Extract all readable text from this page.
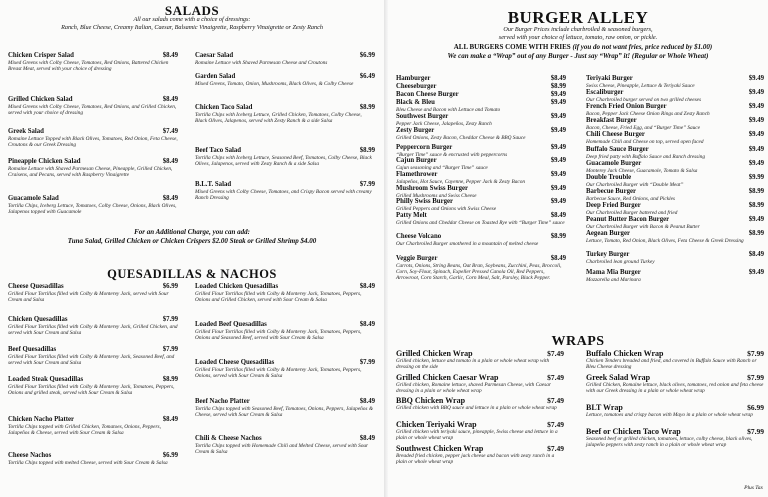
SALADS
All our salads come with a choice of dressings:
Ranch, Blue Cheese, Creamy Italian, Caesar, Balsamic Vinaigrette, Raspberry Vinaigrette or Zesty Ranch
Chicken Crisper Salad	$8.49
Mixed Greens with Colby Cheese, Tomatoes, Red Onions, Battered Chicken Breast Meat, served with your choice of dressing
Grilled Chicken Salad	$8.49
Mixed Greens with Colby Cheese, Tomatoes, Red Onions, and Grilled Chicken, served with your choice of dressing
Greek Salad	$7.49
Romaine Lettuce Topped with Black Olives, Tomatoes, Red Onion, Feta Cheese, Croutons & our Greek Dressing
Pineapple Chicken Salad	$8.49
Romaine Lettuce with Shaved Parmesan Cheese, Pineapple, Grilled Chicken, Craisens, and Pecans, served with Raspberry Vinaigrette
Guacamole Salad	$8.49
Tortilla Chips, Iceberg Lettuce, Tomatoes, Colby Cheese, Onions, Black Olives, Jalapenos topped with Guacamole
Caesar Salad	$6.99
Romaine Lettuce with Shaved Parmesan Cheese and Croutons
Garden Salad	$6.49
Mixed Greens, Tomato, Onion, Mushrooms, Black Olives, & Colby Cheese
Chicken Taco Salad	$8.99
Tortilla Chips with Iceberg Lettuce, Grilled Chicken, Tomatoes, Colby Cheese, Black Olives, Jalapenos, served with Zesty Ranch & a side Salsa
Beef Taco Salad	$8.99
Tortilla Chips with Iceberg Lettuce, Seasoned Beef, Tomatoes, Colby Cheese, Black Olives, Jalapenos, served with Zesty Ranch & a side Salsa
B.L.T. Salad	$7.99
Mixed Greens with Colby Cheese, Tomatoes, and Crispy Bacon served with creamy Ranch Dressing
For an Additional Charge, you can add:
Tuna Salad, Grilled Chicken or Chicken Crispers $2.00 Steak or Grilled Shrimp $4.00
QUESADILLAS & NACHOS
Cheese Quesadillas	$6.99
Grilled Flour Tortillas filled with Colby & Monterey Jack, served with Sour Cream and Salsa
Chicken Quesadillas	$7.99
Grilled Flour Tortillas filled with Colby & Monterey Jack, Grilled Chicken, and served with Sour Cream and Salsa
Beef Quesadillas	$7.99
Grilled Flour Tortillas filled with Colby & Monterey Jack, Seasoned Beef, and served with Sour Cream and Salsa
Loaded Steak Quesadillas	$8.99
Grilled Flour Tortillas filled with Colby & Monterey Jack, Tomatoes, Peppers, Onions and grilled steak, served with Sour Cream & Salsa
Chicken Nacho Platter	$8.49
Tortilla Chips topped with Grilled Chicken, Tomatoes, Onions, Peppers, Jalapeños & Cheese, served with Sour Cream & Salsa
Cheese Nachos	$6.99
Tortilla Chips topped with melted Cheese, served with Sour Cream & Salsa
Loaded Chicken Quesadillas	$8.49
Grilled Flour Tortillas filled with Colby & Monterey Jack, Tomatoes, Peppers, Onions and Grilled Chicken, served with Sour Cream & Salsa
Loaded Beef Quesadillas	$8.49
Grilled Flour Tortillas filled with Colby & Monterey Jack, Tomatoes, Peppers, Onions and Seasoned Beef, served with Sour Cream & Salsa
Loaded Cheese Quesadillas	$7.99
Grilled Flour Tortillas filled with Colby & Monterey Jack, Tomatoes, Peppers, Onions, served with Sour Cream & Salsa
Beef Nacho Platter	$8.49
Tortilla Chips topped with Seasoned Beef, Tomatoes, Onions, Peppers, Jalapeños & Cheese, served with Sour Cream & Salsa
Chili & Cheese Nachos	$8.49
Tortilla Chips topped with Homemade Chili and Melted Cheese, served with Sour Cream & Salsa
BURGER ALLEY
Our Burger Prices include charbroiled & seasoned burgers,
served with your choice of lettuce, tomato, raw onion, or pickle.
ALL BURGERS COME WITH FRIES (if you do not want fries, price reduced by $1.00)
We can make a “Wrap” out of any Burger - Just say “Wrap” it! (Regular or Whole Wheat)
Hamburger	$8.49
Cheeseburger	$8.99
Bacon Cheese Burger	$9.49
Black & Bleu	$9.49
Bleu Cheese and Bacon with Lettuce and Tomato
Southwest Burger	$9.49
Pepper Jack Cheese, Jalapeños, Zesty Ranch
Zesty Burger	$9.49
Grilled Onions, Zesty Bacon, Cheddar Cheese & BBQ Sauce
Peppercorn Burger	$9.49
“Burger Time” sauce & encrusted with peppercorns
Cajun Burger	$9.49
Cajun seasoning and “Burger Time” sauce
Flamethrower	$9.49
Jalapeños, Hot Sauce, Cayenne, Pepper Jack & Zesty Bacon
Mushroom Swiss Burger	$9.49
Grilled Mushrooms and Swiss Cheese
Philly Swiss Burger	$9.49
Grilled Peppers and Onions with Swiss Cheese
Patty Melt	$8.49
Grilled Onions and Cheddar Cheese on Toasted Rye with “Burger Time” sauce
Cheese Volcano	$8.99
Our Charbroiled Burger smothered in a mountain of melted cheese
Veggie Burger	$8.49
Carrots, Onions, String Beans, Oat Bran, Soybeans, Zucchini, Peas, Broccoli, Corn, Soy-Flour, Spinach, Expeller Pressed Canola Oil, Red Peppers, Arrowroot, Corn Starch, Garlic, Corn Meal, Salt, Parsley, Black Pepper.
Teriyaki Burger	$9.49
Swiss Cheese, Pineapple, Lettuce & Teriyaki Sauce
Escaliburger	$9.49
Our Charbroiled burger served on two grilled cheeses
French Fried Onion Burger	$9.49
Bacon, Pepper Jack Cheese Onion Rings and Zesty Ranch
Breakfast Burger	$9.49
Bacon, Cheese, Fried Egg, and “Burger Time” Sauce
Chili Cheese Burger	$9.49
Homemade Chili and Cheese on top, served open faced
Buffalo Sauce Burger	$9.49
Deep fried patty with Buffalo Sauce and Ranch dressing
Guacamole Burger	$9.49
Monterey Jack Cheese, Guacamole, Tomato & Salsa
Double Trouble	$9.99
Our Charbroiled Burger with “Double Meat”
Barbecue Burger	$8.99
Barbecue Sauce, Red Onions, and Pickles
Deep Fried Burger	$8.99
Our Charbroiled Burger battered and fried
Peanut Butter Bacon Burger	$9.49
Our Charbroiled Burger with Bacon & Peanut Butter
Aegean Burger	$8.99
Lettuce, Tomato, Red Onion, Black Olives, Feta Cheese & Greek Dressing
Turkey Burger	$8.49
Charbroiled lean ground Turkey
Mama Mia Burger	$9.49
Mozzarella and Marinara
WRAPS
Grilled Chicken Wrap	$7.49
Grilled chicken, lettuce and tomato in a plain or whole wheat wrap with dressing on the side
Grilled Chicken Caesar Wrap	$7.49
Grilled chicken, Romaine lettuce, shaved Parmesan Cheese, with Caesar dressing in a plain or whole wheat wrap
BBQ Chicken Wrap	$7.49
Grilled chicken with BBQ sauce and lettuce in a plain or whole wheat wrap
Chicken Teriyaki Wrap	$7.49
Grilled chicken with teriyaki sauce, pineapple, Swiss cheese and lettuce in a plain or whole wheat wrap
Southwest Chicken Wrap	$7.49
Breaded fried chicken, pepper jack cheese and bacon with zesty ranch in a plain or whole wheat wrap
Buffalo Chicken Wrap	$7.99
Chicken Tenders breaded and fried, and covered in Buffalo Sauce with Ranch or Bleu Cheese dressing
Greek Salad Wrap	$7.99
Grilled Chicken, Romaine lettuce, black olives, tomatoes, red onion and feta cheese with our Greek dressing in a plain or whole wheat wrap
BLT Wrap	$6.99
Lettuce, tomatoes and crispy bacon with Mayo in a plain or whole wheat wrap
Beef or Chicken Taco Wrap	$7.99
Seasoned beef or grilled chicken, tomatoes, lettuce, colby cheese, black olives, jalapeño peppers with zesty ranch in a plain or whole wheat wrap
Plus Tax
